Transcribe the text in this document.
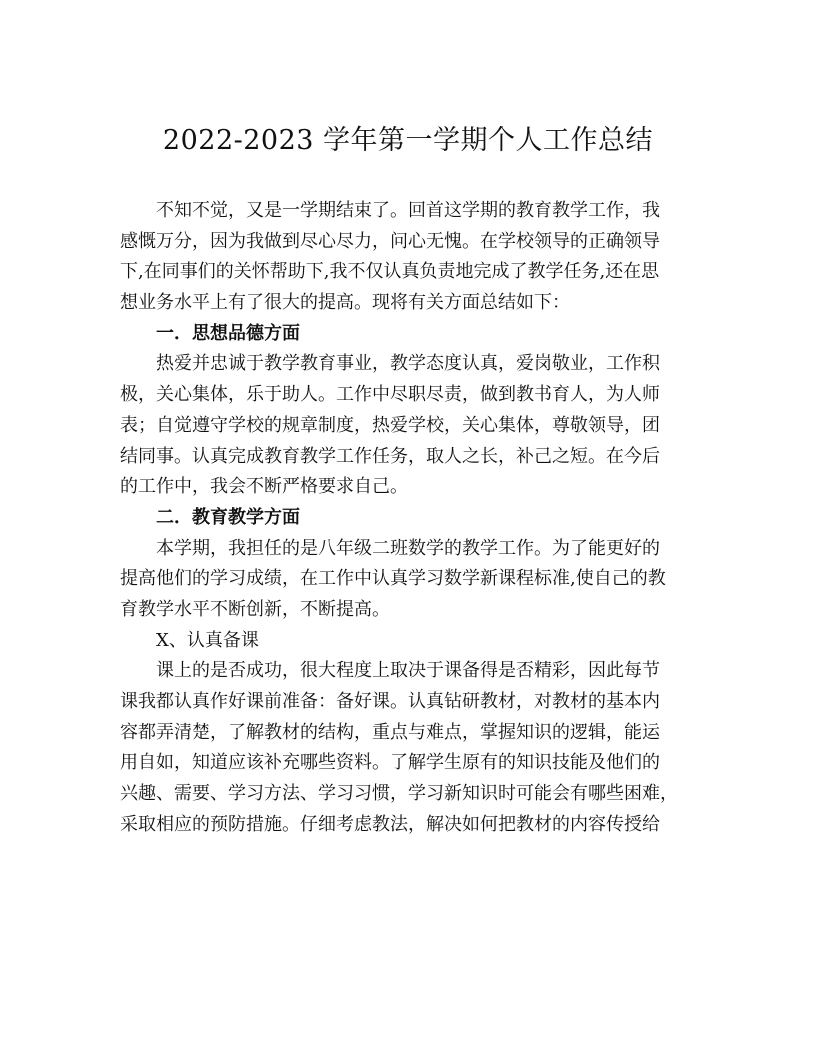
2022-2023 学年第一学期个人工作总结
不知不觉，又是一学期结束了。回首这学期的教育教学工作，我
感慨万分，因为我做到尽心尽力，问心无愧。在学校领导的正确领导
下,在同事们的关怀帮助下,我不仅认真负责地完成了教学任务,还在思
想业务水平上有了很大的提高。现将有关方面总结如下：
一．思想品德方面
热爱并忠诚于教学教育事业，教学态度认真，爱岗敬业，工作积
极，关心集体，乐于助人。工作中尽职尽责，做到教书育人，为人师
表；自觉遵守学校的规章制度，热爱学校，关心集体，尊敬领导，团
结同事。认真完成教育教学工作任务，取人之长，补己之短。在今后
的工作中，我会不断严格要求自己。
二．教育教学方面
本学期，我担任的是八年级二班数学的教学工作。为了能更好的
提高他们的学习成绩，在工作中认真学习数学新课程标准,使自己的教
育教学水平不断创新，不断提高。
X、认真备课
课上的是否成功，很大程度上取决于课备得是否精彩，因此每节
课我都认真作好课前准备：备好课。认真钻研教材，对教材的基本内
容都弄清楚，了解教材的结构，重点与难点，掌握知识的逻辑，能运
用自如，知道应该补充哪些资料。了解学生原有的知识技能及他们的
兴趣、需要、学习方法、学习习惯，学习新知识时可能会有哪些困难，
采取相应的预防措施。仔细考虑教法，解决如何把教材的内容传授给
